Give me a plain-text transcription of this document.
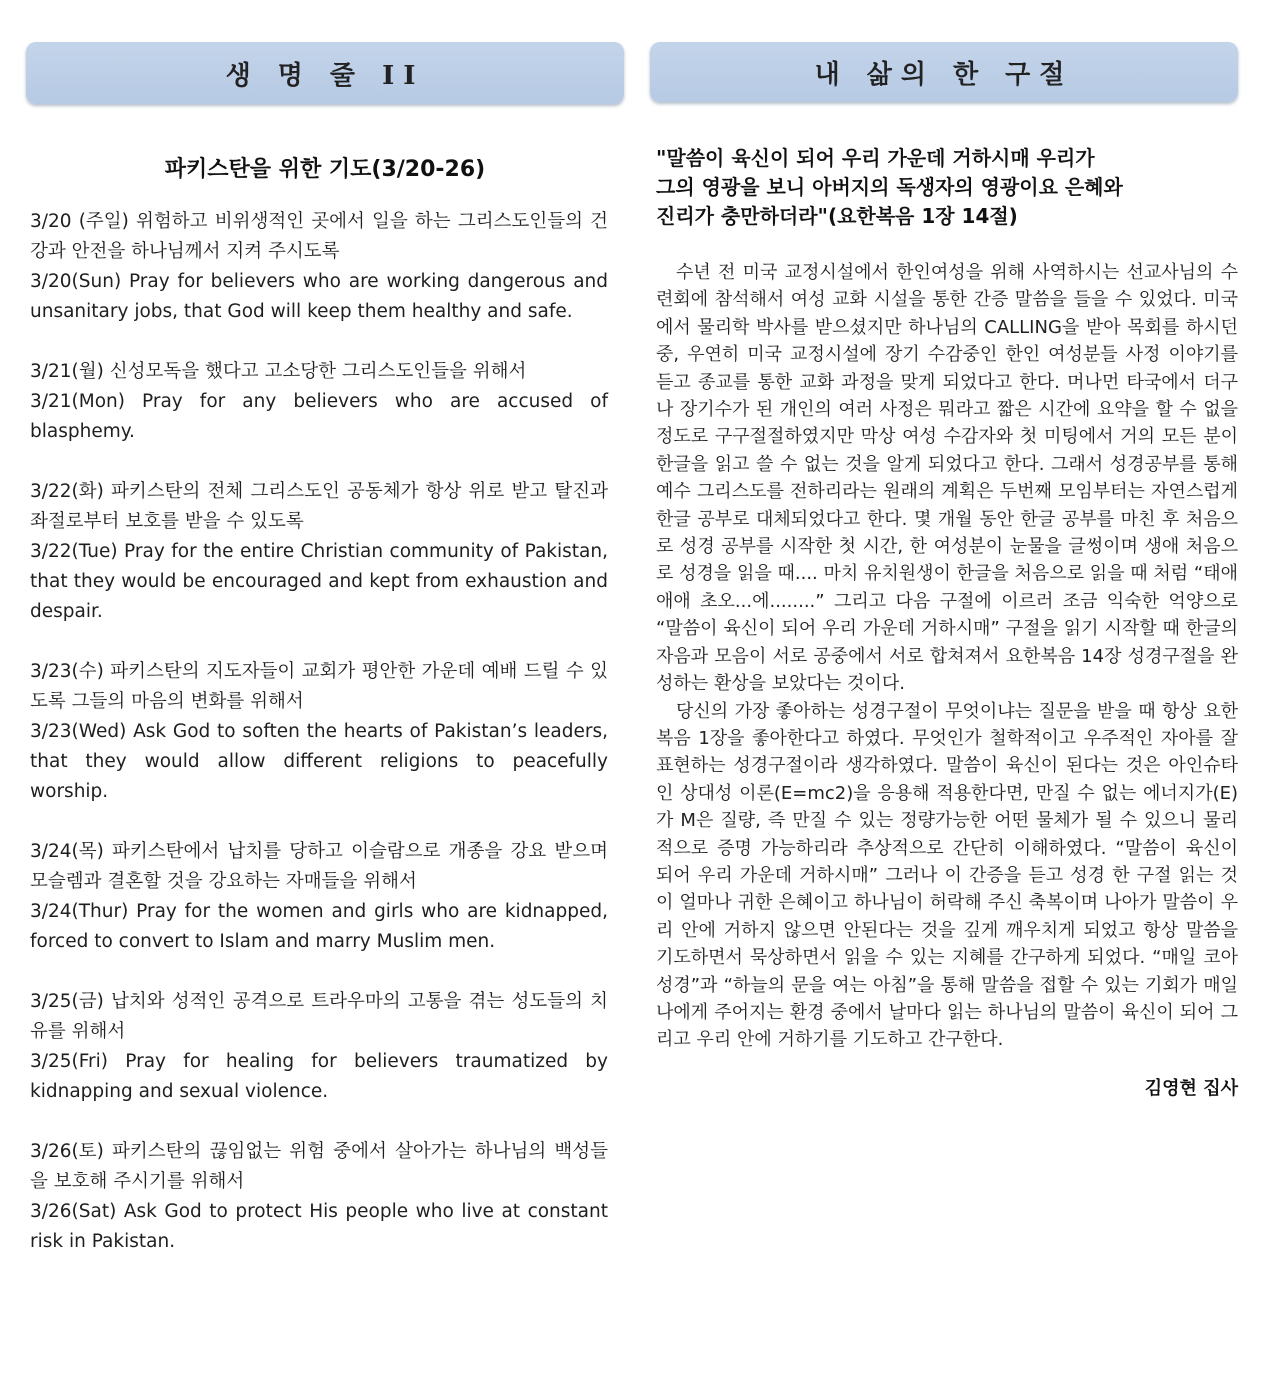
생 명 줄 II
파키스탄을 위한 기도(3/20-26)

3/20 (주일) 위험하고 비위생적인 곳에서 일을 하는 그리스도인들의 건강과 안전을 하나님께서 지켜 주시도록

3/20(Sun) Pray for believers who are working dangerous and unsanitary jobs, that God will keep them healthy and safe.

3/21(월) 신성모독을 했다고 고소당한 그리스도인들을 위해서

3/21(Mon) Pray for any believers who are accused of blasphemy.

3/22(화) 파키스탄의 전체 그리스도인 공동체가 항상 위로 받고 탈진과 좌절로부터 보호를 받을 수 있도록

3/22(Tue) Pray for the entire Christian community of Pakistan, that they would be encouraged and kept from exhaustion and despair.

3/23(수) 파키스탄의 지도자들이 교회가 평안한 가운데 예배 드릴 수 있도록 그들의 마음의 변화를 위해서

3/23(Wed) Ask God to soften the hearts of Pakistan’s leaders, that they would allow different religions to peacefully worship.

3/24(목) 파키스탄에서 납치를 당하고 이슬람으로 개종을 강요 받으며 모슬렘과 결혼할 것을 강요하는 자매들을 위해서

3/24(Thur) Pray for the women and girls who are kidnapped, forced to convert to Islam and marry Muslim men.

3/25(금) 납치와 성적인 공격으로 트라우마의 고통을 겪는 성도들의 치유를 위해서

3/25(Fri) Pray for healing for believers traumatized by kidnapping and sexual violence.

3/26(토) 파키스탄의 끊임없는 위험 중에서 살아가는 하나님의 백성들을 보호해 주시기를 위해서

3/26(Sat) Ask God to protect His people who live at constant risk in Pakistan.

내 삶의 한 구절
"말씀이 육신이 되어 우리 가운데 거하시매 우리가
그의 영광을 보니 아버지의 독생자의 영광이요 은혜와
진리가 충만하더라"(요한복음 1장 14절)

수년 전 미국 교정시설에서 한인여성을 위해 사역하시는 선교사님의 수련회에 참석해서 여성 교화 시설을 통한 간증 말씀을 들을 수 있었다. 미국에서 물리학 박사를 받으셨지만 하나님의 CALLING을 받아 목회를 하시던 중, 우연히 미국 교정시설에 장기 수감중인 한인 여성분들 사정 이야기를 듣고 종교를 통한 교화 과정을 맞게 되었다고 한다. 머나먼 타국에서 더구나 장기수가 된 개인의 여러 사정은 뭐라고 짧은 시간에 요약을 할 수 없을 정도로 구구절절하였지만 막상 여성 수감자와 첫 미팅에서 거의 모든 분이 한글을 읽고 쓸 수 없는 것을 알게 되었다고 한다. 그래서 성경공부를 통해 예수 그리스도를 전하리라는 원래의 계획은 두번째 모임부터는 자연스럽게 한글 공부로 대체되었다고 한다. 몇 개월 동안 한글 공부를 마친 후 처음으로 성경 공부를 시작한 첫 시간, 한 여성분이 눈물을 글썽이며 생애 처음으로 성경을 읽을 때.... 마치 유치원생이 한글을 처음으로 읽을 때 처럼 “태애애애 초오...에........” 그리고 다음 구절에 이르러 조금 익숙한 억양으로 “말씀이 육신이 되어 우리 가운데 거하시매” 구절을 읽기 시작할 때 한글의 자음과 모음이 서로 공중에서 서로 합쳐져서 요한복음 14장 성경구절을 완성하는 환상을 보았다는 것이다.

당신의 가장 좋아하는 성경구절이 무엇이냐는 질문을 받을 때 항상 요한복음 1장을 좋아한다고 하였다. 무엇인가 철학적이고 우주적인 자아를 잘 표현하는 성경구절이라 생각하였다. 말씀이 육신이 된다는 것은 아인슈타인 상대성 이론(E=mc2)을 응용해 적용한다면, 만질 수 없는 에너지가(E)가 M은 질량, 즉 만질 수 있는 정량가능한 어떤 물체가 될 수 있으니 물리적으로 증명 가능하리라 추상적으로 간단히 이해하였다. “말씀이 육신이 되어 우리 가운데 거하시매” 그러나 이 간증을 듣고 성경 한 구절 읽는 것이 얼마나 귀한 은혜이고 하나님이 허락해 주신 축복이며 나아가 말씀이 우리 안에 거하지 않으면 안된다는 것을 깊게 깨우치게 되었고 항상 말씀을 기도하면서 묵상하면서 읽을 수 있는 지혜를 간구하게 되었다. “매일 코아성경”과 “하늘의 문을 여는 아침”을 통해 말씀을 접할 수 있는 기회가 매일 나에게 주어지는 환경 중에서 날마다 읽는 하나님의 말씀이 육신이 되어 그리고 우리 안에 거하기를 기도하고 간구한다.

김영현 집사
